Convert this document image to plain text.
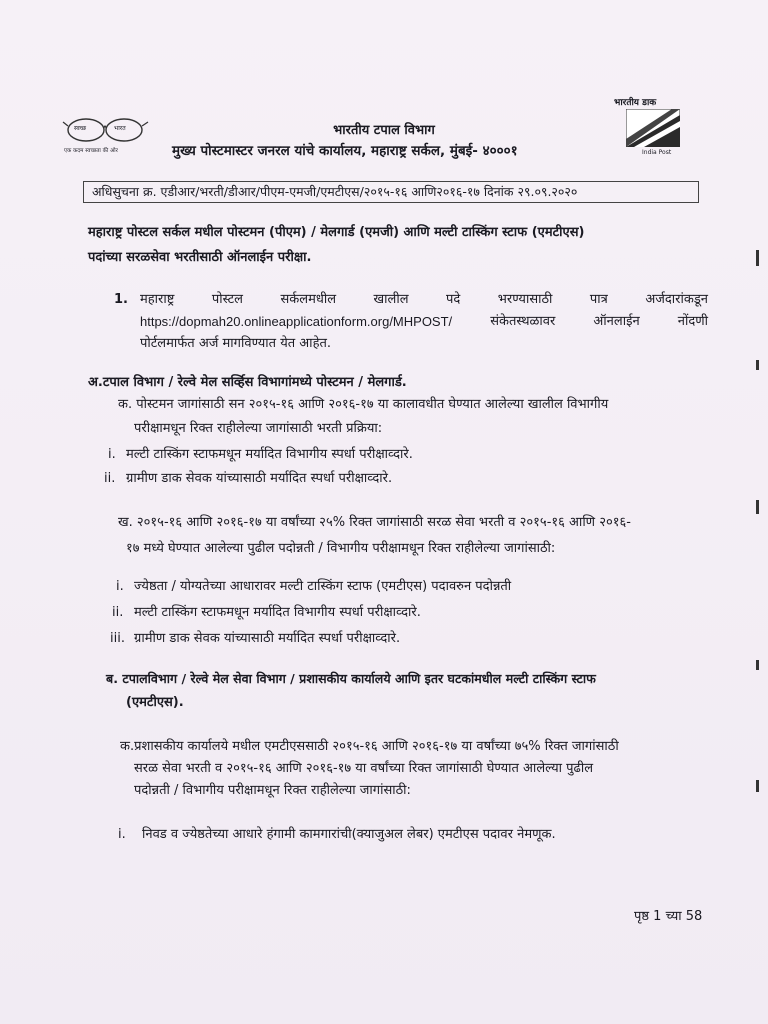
स्वच्छ	भारत
एक कदम स्वच्छता की ओर
भारतीय डाक
India Post
भारतीय टपाल विभाग
मुख्य पोस्टमास्टर जनरल यांचे कार्यालय, महाराष्ट्र सर्कल, मुंबई- ४०००१
अधिसुचना क्र. एडीआर/भरती/डीआर/पीएम-एमजी/एमटीएस/२०१५-१६ आणि२०१६-१७ दिनांक २९.०९.२०२०
महाराष्ट्र पोस्टल सर्कल मधील पोस्टमन (पीएम) / मेलगार्ड (एमजी) आणि मल्टी टास्किंग स्टाफ (एमटीएस)
पदांच्या सरळसेवा भरतीसाठी ऑनलाईन परीक्षा.
1. महाराष्ट्र	पोस्टल	सर्कलमधील	खालील	पदे	भरण्यासाठी	पात्र	अर्जदारांकडून
https://dopmah20.onlineapplicationform.org/MHPOST/	संकेतस्थळावर	ऑनलाईन	नोंदणी
पोर्टलमार्फत अर्ज मागविण्यात येत आहेत.
अ.टपाल विभाग / रेल्वे मेल सर्व्हिस विभागांमध्ये पोस्टमन / मेलगार्ड.
क. पोस्टमन जागांसाठी सन २०१५-१६ आणि २०१६-१७ या कालावधीत घेण्यात आलेल्या खालील विभागीय
परीक्षामधून रिक्त राहीलेल्या जागांसाठी भरती प्रक्रिया:
i. मल्टी टास्किंग स्टाफमधून मर्यादित विभागीय स्पर्धा परीक्षाव्दारे.
ii. ग्रामीण डाक सेवक यांच्यासाठी मर्यादित स्पर्धा परीक्षाव्दारे.
ख. २०१५-१६ आणि २०१६-१७ या वर्षांच्या २५% रिक्त जागांसाठी सरळ सेवा भरती व २०१५-१६ आणि २०१६-
१७ मध्ये घेण्यात आलेल्या पुढील पदोन्नती / विभागीय परीक्षामधून रिक्त राहीलेल्या जागांसाठी:
i. ज्येष्ठता / योग्यतेच्या आधारावर मल्टी टास्किंग स्टाफ (एमटीएस) पदावरुन पदोन्नती
ii. मल्टी टास्किंग स्टाफमधून मर्यादित विभागीय स्पर्धा परीक्षाव्दारे.
iii. ग्रामीण डाक सेवक यांच्यासाठी मर्यादित स्पर्धा परीक्षाव्दारे.
ब. टपालविभाग / रेल्वे मेल सेवा विभाग / प्रशासकीय कार्यालये आणि इतर घटकांमधील मल्टी टास्किंग स्टाफ
(एमटीएस).
क.प्रशासकीय कार्यालये मधील एमटीएससाठी २०१५-१६ आणि २०१६-१७ या वर्षांच्या ७५% रिक्त जागांसाठी
सरळ सेवा भरती व २०१५-१६ आणि २०१६-१७ या वर्षांच्या रिक्त जागांसाठी घेण्यात आलेल्या पुढील
पदोन्नती / विभागीय परीक्षामधून रिक्त राहीलेल्या जागांसाठी:
i. निवड व ज्येष्ठतेच्या आधारे हंगामी कामगारांची(क्याजुअल लेबर) एमटीएस पदावर नेमणूक.
पृष्ठ 1 च्या 58
